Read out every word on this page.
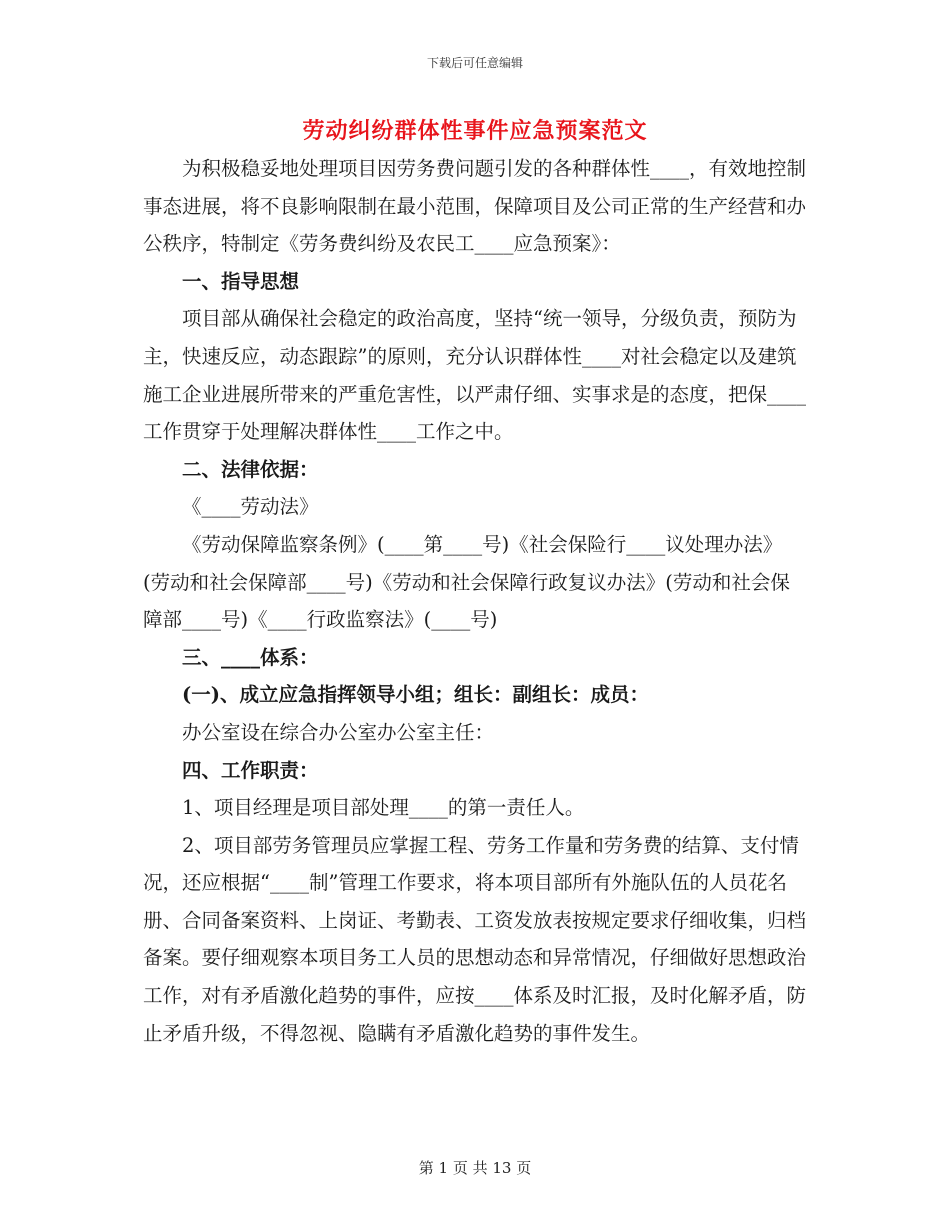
下载后可任意编辑
劳动纠纷群体性事件应急预案范文

为积极稳妥地处理项目因劳务费问题引发的各种群体性____，有效地控制事态进展，将不良影响限制在最小范围，保障项目及公司正常的生产经营和办公秩序，特制定《劳务费纠纷及农民工____应急预案》：

一、指导思想

项目部从确保社会稳定的政治高度，坚持“统一领导，分级负责，预防为主，快速反应，动态跟踪”的原则，充分认识群体性____对社会稳定以及建筑施工企业进展所带来的严重危害性，以严肃仔细、实事求是的态度，把保____工作贯穿于处理解决群体性____工作之中。

二、法律依据：

《____劳动法》

《劳动保障监察条例》(____第____号)《社会保险行____议处理办法》(劳动和社会保障部____号)《劳动和社会保障行政复议办法》(劳动和社会保障部____号)《____行政监察法》(____号)

三、____体系：

(一)、成立应急指挥领导小组；组长：副组长：成员：

办公室设在综合办公室办公室主任：

四、工作职责：

1、项目经理是项目部处理____的第一责任人。

2、项目部劳务管理员应掌握工程、劳务工作量和劳务费的结算、支付情况，还应根据“____制”管理工作要求，将本项目部所有外施队伍的人员花名册、合同备案资料、上岗证、考勤表、工资发放表按规定要求仔细收集，归档备案。要仔细观察本项目务工人员的思想动态和异常情况，仔细做好思想政治工作，对有矛盾激化趋势的事件，应按____体系及时汇报，及时化解矛盾，防止矛盾升级，不得忽视、隐瞒有矛盾激化趋势的事件发生。

第 1 页 共 13 页
